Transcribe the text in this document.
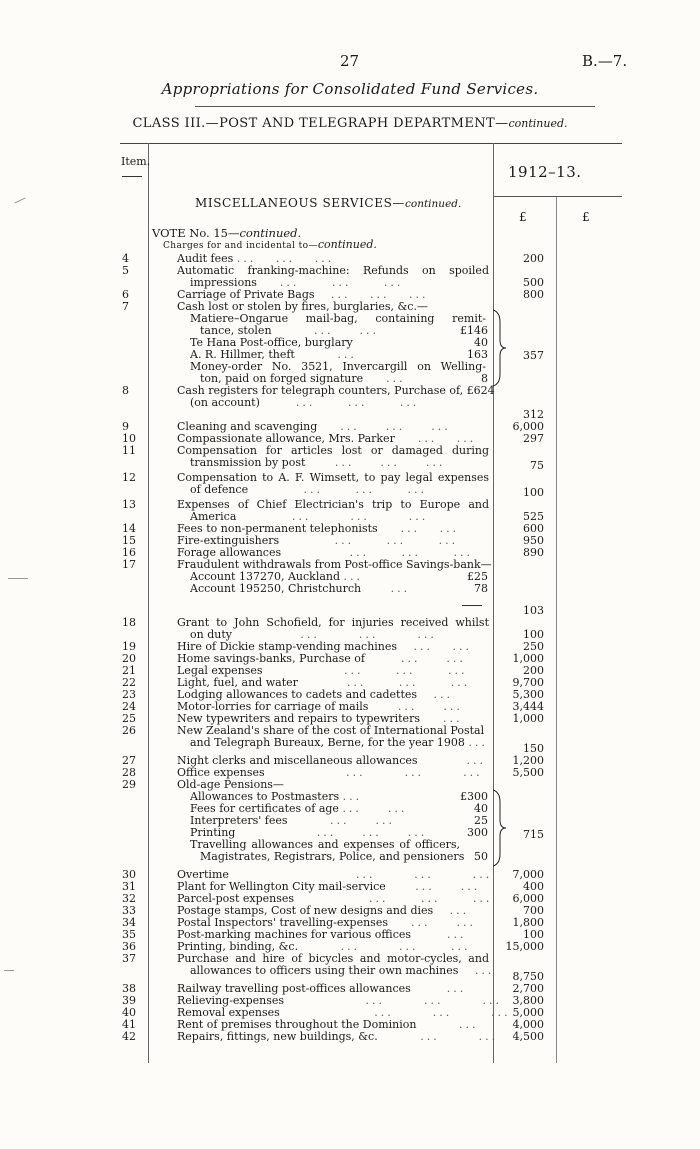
27	B.—7.
Appropriations for Consolidated Fund Services.
CLASS III.—POST AND TELEGRAPH DEPARTMENT—continued.
Item.
1912–13.
£	£
MISCELLANEOUS SERVICES—continued.
VOTE No. 15—continued.
Charges for and incidental to—continued.
4	Audit fees ...   ...   ...	200
5	Automatic franking-machine: Refunds on spoiled
impressions    ...     ...     ...	500
6	Carriage of Private Bags   ...   ...   ...	800
7	Cash lost or stolen by fires, burglaries, &c.—
Matiere–Ongarue mail-bag, containing remit-
tance, stolen       ...    ...	£146
Te Hana Post-office, burglary	40
A. R. Hillmer, theft       ...	163
Money-order No. 3521, Invercargill on Welling-
ton, paid on forged signature    ...	8
357
8	Cash registers for telegraph counters, Purchase of, £624
(on account)      ...     ...     ...
312
9	Cleaning and scavenging    ...    ...    ...	6,000
10	Compassionate allowance, Mrs. Parker    ...   ...	297
11	Compensation for articles lost or damaged during
transmission by post     ...    ...    ...	75
12	Compensation to A. F. Wimsett, to pay legal expenses
of defence         ...     ...     ...	100
13	Expenses of Chief Electrician's trip to Europe and
America         ...      ...      ...	525
14	Fees to non-permanent telephonists    ...   ...	600
15	Fire-extinguishers         ...     ...     ...	950
16	Forage allowances           ...     ...     ...	890
17	Fraudulent withdrawals from Post-office Savings-bank—
Account 137270, Auckland ...	£25
Account 195250, Christchurch     ...	78
103
18	Grant to John Schofield, for injuries received whilst
on duty           ...      ...      ...	100
19	Hire of Dickie stamp-vending machines   ...   ...	250
20	Home savings-banks, Purchase of      ...    ...	1,000
21	Legal expenses             ...     ...     ...	200
22	Light, fuel, and water        ...     ...     ...	9,700
23	Lodging allowances to cadets and cadettes   ...	5,300
24	Motor-lorries for carriage of mails     ...    ...	3,444
25	New typewriters and repairs to typewriters    ...	1,000
26	New Zealand's share of the cost of International Postal
and Telegraph Bureaux, Berne, for the year 1908 ...	150
27	Night clerks and miscellaneous allowances        ...	1,200
28	Office expenses             ...      ...      ...	5,500
29	Old-age Pensions—
Allowances to Postmasters ...	£300
Fees for certificates of age ...    ...	40
Interpreters' fees       ...    ...	25
Printing             ...    ...    ...	300
Travelling allowances and expenses of officers,
Magistrates, Registrars, Police, and pensioners 50
715
30	Overtime                    ...      ...      ...	7,000
31	Plant for Wellington City mail-service     ...    ...	400
32	Parcel-post expenses            ...     ...     ...	6,000
33	Postage stamps, Cost of new designs and dies   ...	700
34	Postal Inspectors' travelling-expenses    ...    ...	1,800
35	Post-marking machines for various offices      ...	100
36	Printing, binding, &c.       ...      ...     ...	15,000
37	Purchase and hire of bicycles and motor-cycles, and
allowances to officers using their own machines   ...	8,750
38	Railway travelling post-offices allowances      ...	2,700
39	Relieving-expenses             ...      ...      ... 3,800
40	Removal expenses               ...      ...      ... 5,000
41	Rent of premises throughout the Dominion       ...	4,000
42	Repairs, fittings, new buildings, &c.       ...      ...	4,500
